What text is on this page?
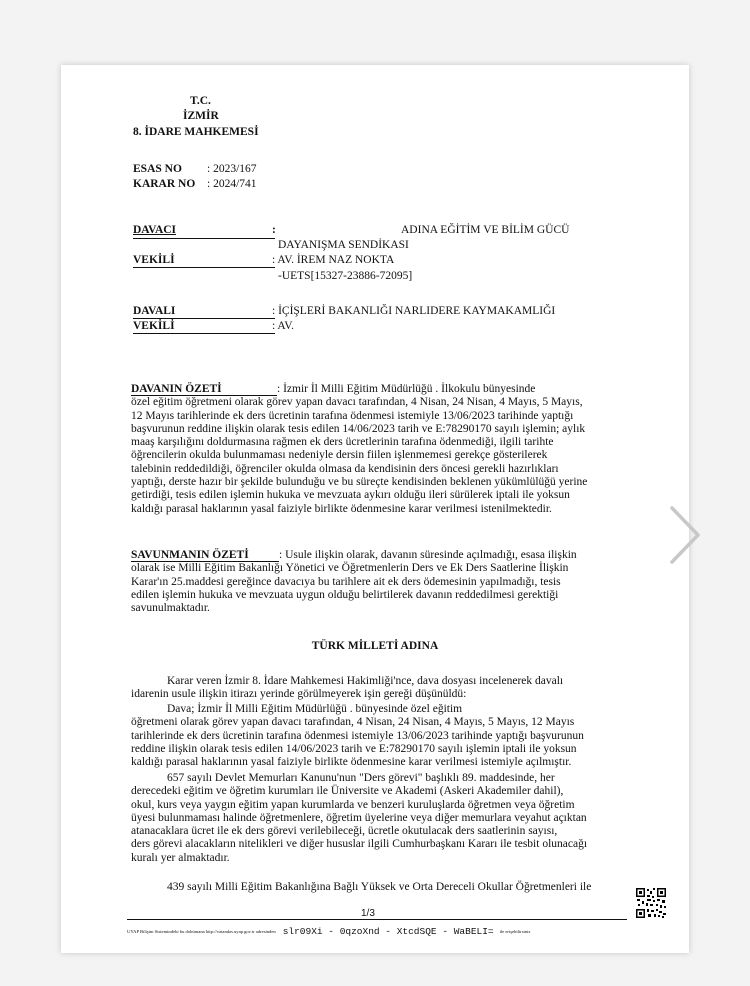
T.C.
İZMİR
8. İDARE MAHKEMESİ
ESAS NO : 2023/167
KARAR NO : 2024/741
DAVACI	:	ADINA EĞİTİM VE BİLİM GÜCÜ
DAYANIŞMA SENDİKASI
VEKİLİ	: AV. İREM NAZ NOKTA
-UETS[15327-23886-72095]
DAVALI	: İÇİŞLERİ BAKANLIĞI NARLIDERE KAYMAKAMLIĞI
VEKİLİ	: AV.
DAVANIN ÖZETİ	: İzmir İl Milli Eğitim Müdürlüğü . İlkokulu bünyesinde
özel eğitim öğretmeni olarak görev yapan davacı tarafından, 4 Nisan, 24 Nisan, 4 Mayıs, 5 Mayıs,
12 Mayıs tarihlerinde ek ders ücretinin tarafına ödenmesi istemiyle 13/06/2023 tarihinde yaptığı
başvurunun reddine ilişkin olarak tesis edilen 14/06/2023 tarih ve E:78290170 sayılı işlemin; aylık
maaş karşılığını doldurmasına rağmen ek ders ücretlerinin tarafına ödenmediği, ilgili tarihte
öğrencilerin okulda bulunmaması nedeniyle dersin fiilen işlenmemesi gerekçe gösterilerek
talebinin reddedildiği, öğrenciler okulda olmasa da kendisinin ders öncesi gerekli hazırlıkları
yaptığı, derste hazır bir şekilde bulunduğu ve bu süreçte kendisinden beklenen yükümlülüğü yerine
getirdiği, tesis edilen işlemin hukuka ve mevzuata aykırı olduğu ileri sürülerek iptali ile yoksun
kaldığı parasal haklarının yasal faiziyle birlikte ödenmesine karar verilmesi istenilmektedir.
SAVUNMANIN ÖZETİ	: Usule ilişkin olarak, davanın süresinde açılmadığı, esasa ilişkin
olarak ise Milli Eğitim Bakanlığı Yönetici ve Öğretmenlerin Ders ve Ek Ders Saatlerine İlişkin
Karar'ın 25.maddesi gereğince davacıya bu tarihlere ait ek ders ödemesinin yapılmadığı, tesis
edilen işlemin hukuka ve mevzuata uygun olduğu belirtilerek davanın reddedilmesi gerektiği
savunulmaktadır.
TÜRK MİLLETİ ADINA
Karar veren İzmir 8. İdare Mahkemesi Hakimliği'nce, dava dosyası incelenerek davalı
idarenin usule ilişkin itirazı yerinde görülmeyerek işin gereği düşünüldü:
Dava; İzmir İl Milli Eğitim Müdürlüğü . bünyesinde özel eğitim
öğretmeni olarak görev yapan davacı tarafından, 4 Nisan, 24 Nisan, 4 Mayıs, 5 Mayıs, 12 Mayıs
tarihlerinde ek ders ücretinin tarafına ödenmesi istemiyle 13/06/2023 tarihinde yaptığı başvurunun
reddine ilişkin olarak tesis edilen 14/06/2023 tarih ve E:78290170 sayılı işlemin iptali ile yoksun
kaldığı parasal haklarının yasal faiziyle birlikte ödenmesine karar verilmesi istemiyle açılmıştır.
657 sayılı Devlet Memurları Kanunu'nun "Ders görevi" başlıklı 89. maddesinde, her
derecedeki eğitim ve öğretim kurumları ile Üniversite ve Akademi (Askeri Akademiler dahil),
okul, kurs veya yaygın eğitim yapan kurumlarda ve benzeri kuruluşlarda öğretmen veya öğretim
üyesi bulunmaması halinde öğretmenlere, öğretim üyelerine veya diğer memurlara veyahut açıktan
atanacaklara ücret ile ek ders görevi verilebileceği, ücretle okutulacak ders saatlerinin sayısı,
ders görevi alacakların nitelikleri ve diğer hususlar ilgili Cumhurbaşkanı Kararı ile tesbit olunacağı
kuralı yer almaktadır.
439 sayılı Milli Eğitim Bakanlığına Bağlı Yüksek ve Orta Dereceli Okullar Öğretmenleri ile
1/3
UYAP Bilişim Sistemindeki bu dokümana http://vatandas.uyap.gov.tr adresinden slr09Xi - 0qzoXnd - XtcdSQE - WaBELI= ile erişebilirsiniz
